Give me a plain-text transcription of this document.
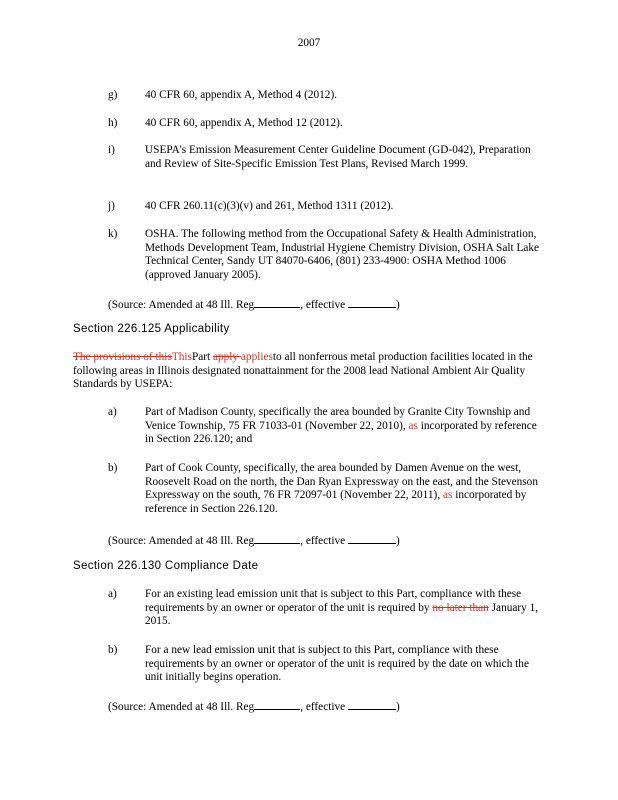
2007
g)	40 CFR 60, appendix A, Method 4 (2012).
h)	40 CFR 60, appendix A, Method 12 (2012).
i)	USEPA's Emission Measurement Center Guideline Document (GD-042), Preparation and Review of Site-Specific Emission Test Plans, Revised March 1999.
j)	40 CFR 260.11(c)(3)(v) and 261, Method 1311 (2012).
k)	OSHA. The following method from the Occupational Safety & Health Administration, Methods Development Team, Industrial Hygiene Chemistry Division, OSHA Salt Lake Technical Center, Sandy UT 84070-6406, (801) 233-4900: OSHA Method 1006 (approved January 2005).
(Source: Amended at 48 Ill. Reg	, effective	)
Section 226.125 Applicability
The provisions of thisThisPart apply appliesto all nonferrous metal production facilities located in the following areas in Illinois designated nonattainment for the 2008 lead National Ambient Air Quality Standards by USEPA:
a)	Part of Madison County, specifically the area bounded by Granite City Township and Venice Township, 75 FR 71033-01 (November 22, 2010), as incorporated by reference in Section 226.120; and
b)	Part of Cook County, specifically, the area bounded by Damen Avenue on the west, Roosevelt Road on the north, the Dan Ryan Expressway on the east, and the Stevenson Expressway on the south, 76 FR 72097-01 (November 22, 2011), as incorporated by reference in Section 226.120.
(Source: Amended at 48 Ill. Reg	, effective	)
Section 226.130 Compliance Date
a)	For an existing lead emission unit that is subject to this Part, compliance with these requirements by an owner or operator of the unit is required by no later than January 1, 2015.
b)	For a new lead emission unit that is subject to this Part, compliance with these requirements by an owner or operator of the unit is required by the date on which the unit initially begins operation.
(Source: Amended at 48 Ill. Reg	, effective	)
